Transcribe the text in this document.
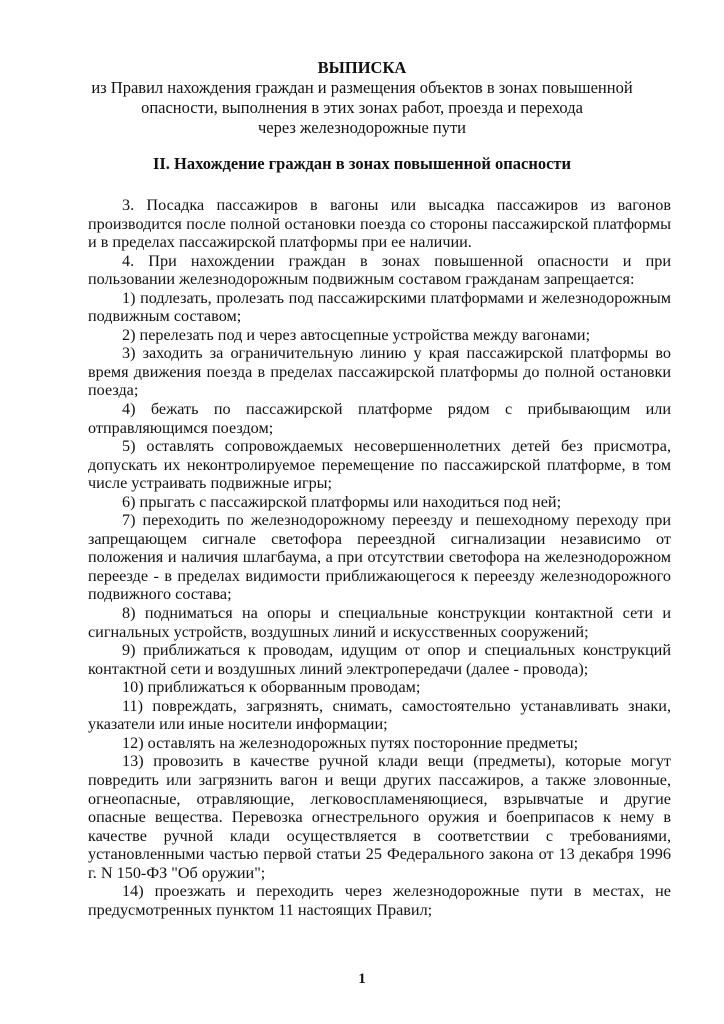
ВЫПИСКА
из Правил нахождения граждан и размещения объектов в зонах повышенной
опасности, выполнения в этих зонах работ, проезда и перехода
через железнодорожные пути
II. Нахождение граждан в зонах повышенной опасности

3. Посадка пассажиров в вагоны или высадка пассажиров из вагонов производится после полной остановки поезда со стороны пассажирской платформы и в пределах пассажирской платформы при ее наличии.

4. При нахождении граждан в зонах повышенной опасности и при пользовании железнодорожным подвижным составом гражданам запрещается:

1) подлезать, пролезать под пассажирскими платформами и железнодорожным подвижным составом;

2) перелезать под и через автосцепные устройства между вагонами;

3) заходить за ограничительную линию у края пассажирской платформы во время движения поезда в пределах пассажирской платформы до полной остановки поезда;

4) бежать по пассажирской платформе рядом с прибывающим или отправляющимся поездом;

5) оставлять сопровождаемых несовершеннолетних детей без присмотра, допускать их неконтролируемое перемещение по пассажирской платформе, в том числе устраивать подвижные игры;

6) прыгать с пассажирской платформы или находиться под ней;

7) переходить по железнодорожному переезду и пешеходному переходу при запрещающем сигнале светофора переездной сигнализации независимо от положения и наличия шлагбаума, а при отсутствии светофора на железнодорожном переезде - в пределах видимости приближающегося к переезду железнодорожного подвижного состава;

8) подниматься на опоры и специальные конструкции контактной сети и сигнальных устройств, воздушных линий и искусственных сооружений;

9) приближаться к проводам, идущим от опор и специальных конструкций контактной сети и воздушных линий электропередачи (далее - провода);

10) приближаться к оборванным проводам;

11) повреждать, загрязнять, снимать, самостоятельно устанавливать знаки, указатели или иные носители информации;

12) оставлять на железнодорожных путях посторонние предметы;

13) провозить в качестве ручной клади вещи (предметы), которые могут повредить или загрязнить вагон и вещи других пассажиров, а также зловонные, огнеопасные, отравляющие, легковоспламеняющиеся, взрывчатые и другие опасные вещества. Перевозка огнестрельного оружия и боеприпасов к нему в качестве ручной клади осуществляется в соответствии с требованиями, установленными частью первой статьи 25 Федерального закона от 13 декабря 1996 г. N 150-ФЗ "Об оружии";

14) проезжать и переходить через железнодорожные пути в местах, не предусмотренных пунктом 11 настоящих Правил;

1
